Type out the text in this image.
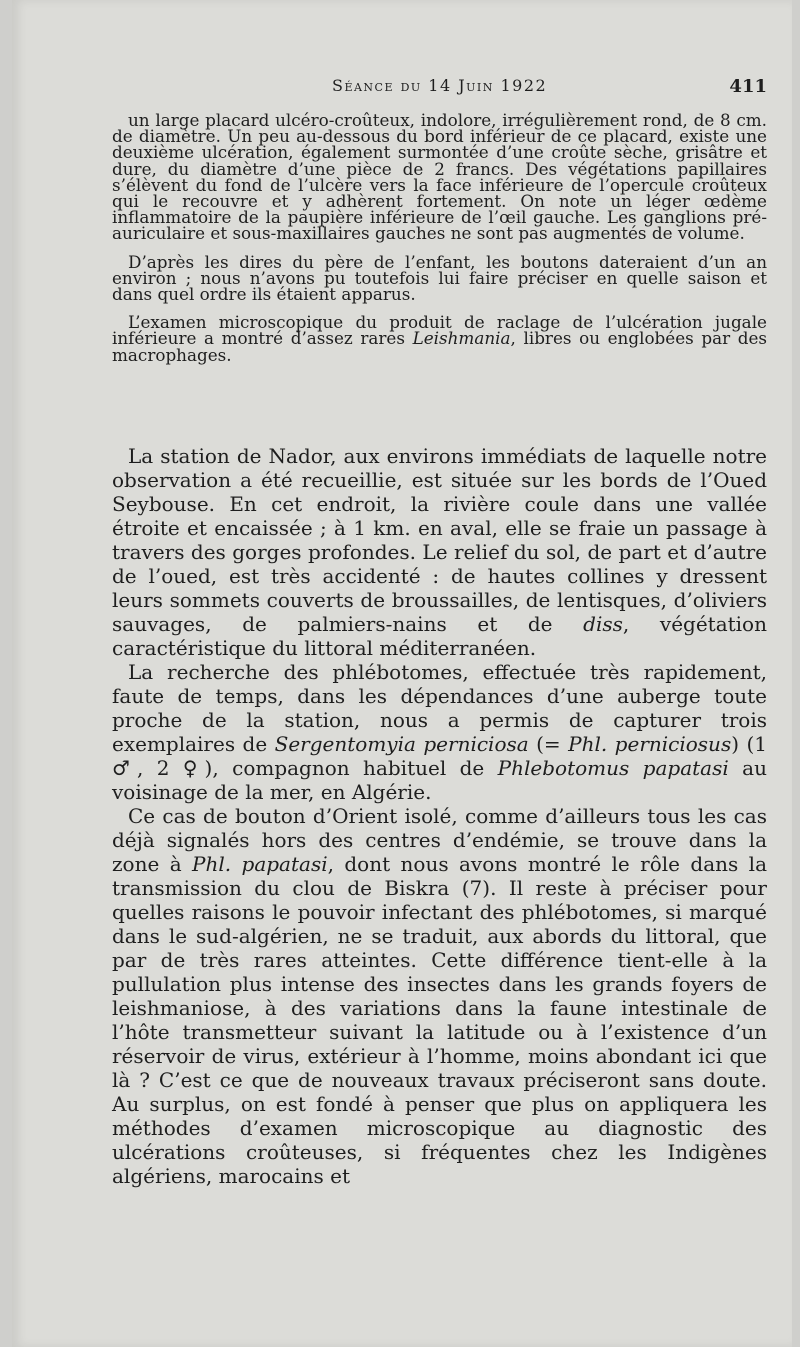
Séance du 14 Juin 1922	411

un large placard ulcéro-croûteux, indolore, irrégulièrement rond, de 8 cm. de diamètre. Un peu au-dessous du bord inférieur de ce placard, existe une deuxième ulcération, également surmontée d’une croûte sèche, grisâtre et dure, du diamètre d’une pièce de 2 francs. Des végétations papillaires s’élèvent du fond de l’ulcère vers la face inférieure de l’opercule croûteux qui le recouvre et y adhèrent fortement. On note un léger œdème inflammatoire de la paupière inférieure de l’œil gauche. Les ganglions pré-auriculaire et sous-maxillaires gauches ne sont pas augmentés de volume.

D’après les dires du père de l’enfant, les boutons dateraient d’un an environ ; nous n’avons pu toutefois lui faire préciser en quelle saison et dans quel ordre ils étaient apparus.

L’examen microscopique du produit de raclage de l’ulcération jugale inférieure a montré d’assez rares Leishmania, libres ou englobées par des macrophages.

La station de Nador, aux environs immédiats de laquelle notre observation a été recueillie, est située sur les bords de l’Oued Seybouse. En cet endroit, la rivière coule dans une vallée étroite et encaissée ; à 1 km. en aval, elle se fraie un passage à travers des gorges profondes. Le relief du sol, de part et d’autre de l’oued, est très accidenté : de hautes collines y dressent leurs sommets couverts de broussailles, de lentisques, d’oliviers sauvages, de palmiers-nains et de diss, végétation caractéristique du littoral méditerranéen.

La recherche des phlébotomes, effectuée très rapidement, faute de temps, dans les dépendances d’une auberge toute proche de la station, nous a permis de capturer trois exemplaires de Sergentomyia perniciosa (= Phl. perniciosus) (1 ♂, 2 ♀), compagnon habituel de Phlebotomus papatasi au voisinage de la mer, en Algérie.

Ce cas de bouton d’Orient isolé, comme d’ailleurs tous les cas déjà signalés hors des centres d’endémie, se trouve dans la zone à Phl. papatasi, dont nous avons montré le rôle dans la transmission du clou de Biskra (7). Il reste à préciser pour quelles raisons le pouvoir infectant des phlébotomes, si marqué dans le sud-algérien, ne se traduit, aux abords du littoral, que par de très rares atteintes. Cette différence tient-elle à la pullulation plus intense des insectes dans les grands foyers de leishmaniose, à des variations dans la faune intestinale de l’hôte transmetteur suivant la latitude ou à l’existence d’un réservoir de virus, extérieur à l’homme, moins abondant ici que là ? C’est ce que de nouveaux travaux préciseront sans doute. Au surplus, on est fondé à penser que plus on appliquera les méthodes d’examen microscopique au diagnostic des ulcérations croûteuses, si fréquentes chez les Indigènes algériens, marocains et
